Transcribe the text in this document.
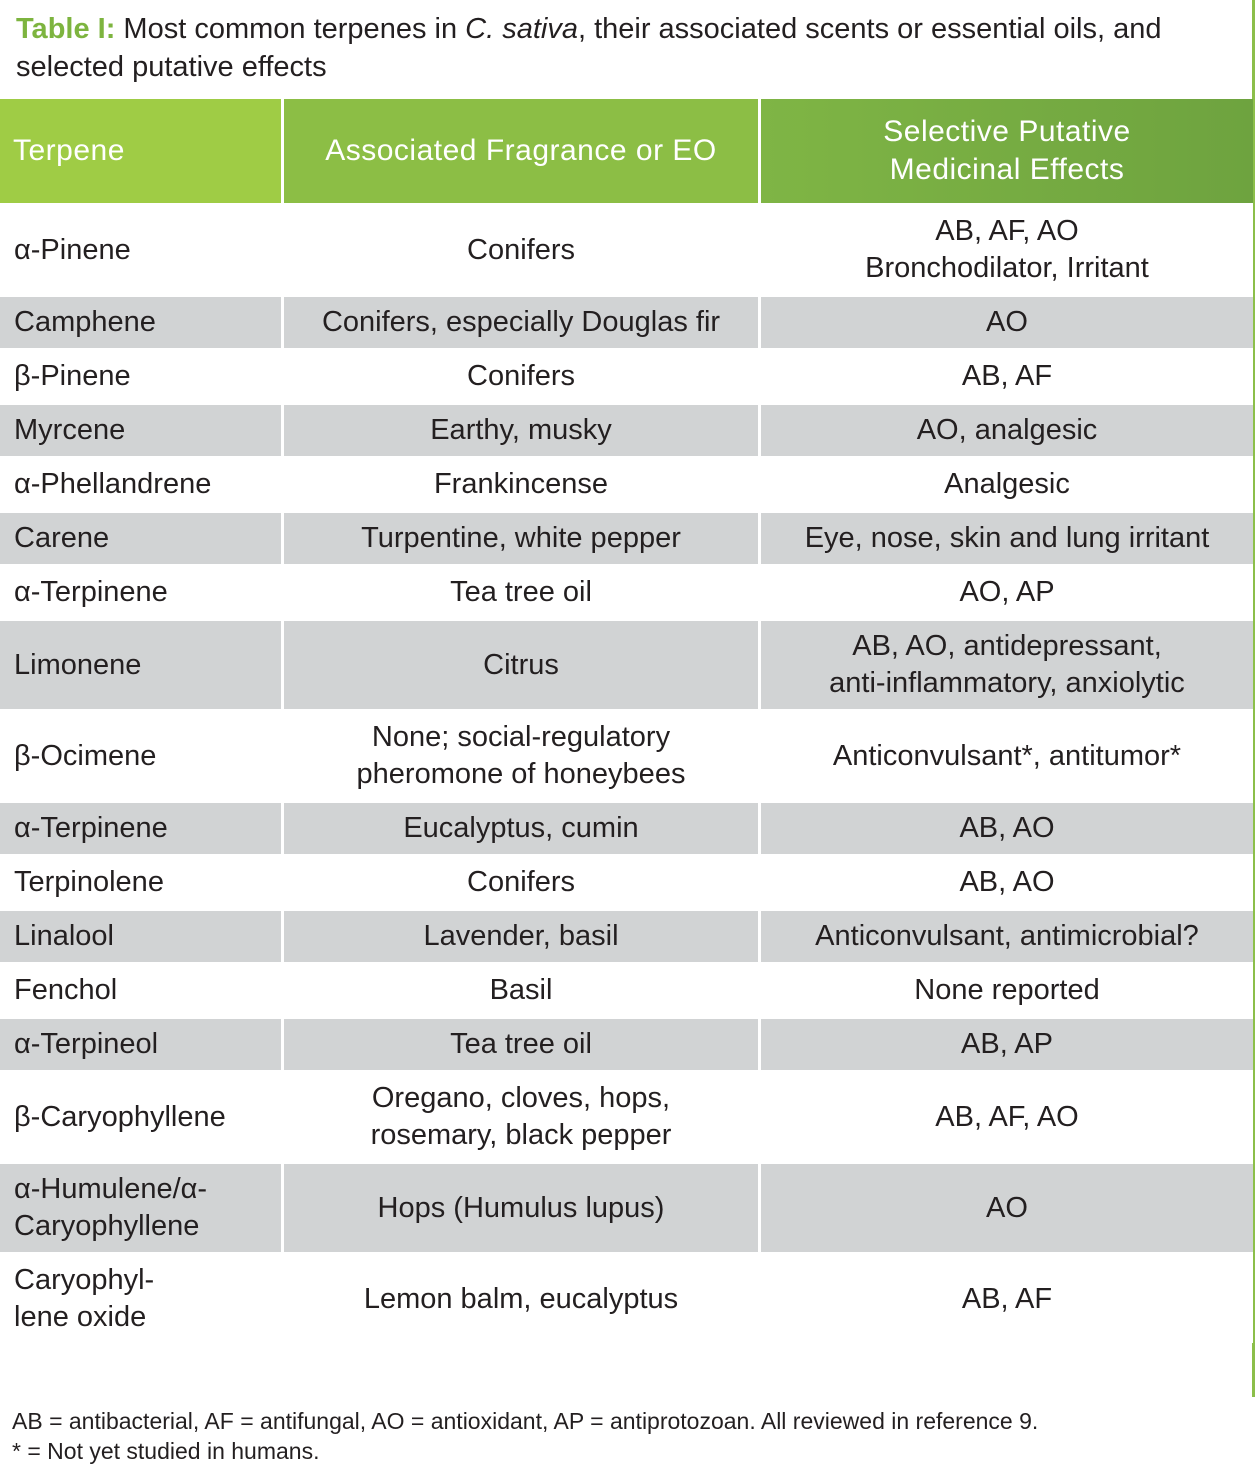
Table I: Most common terpenes in C. sativa, their associated scents or essential oils, and selected putative effects
Terpene	Associated Fragrance or EO	Selective Putative
Medicinal Effects

α-Pinene	Conifers	AB, AF, AO
Bronchodilator, Irritant

Camphene	Conifers, especially Douglas fir	AO

β-Pinene	Conifers	AB, AF

Myrcene	Earthy, musky	AO, analgesic

α-Phellandrene	Frankincense	Analgesic

Carene	Turpentine, white pepper	Eye, nose, skin and lung irritant

α-Terpinene	Tea tree oil	AO, AP

Limonene	Citrus	AB, AO, antidepressant,
anti-inflammatory, anxiolytic

β-Ocimene	None; social-regulatory
pheromone of honeybees	Anticonvulsant*, antitumor*

α-Terpinene	Eucalyptus, cumin	AB, AO

Terpinolene	Conifers	AB, AO

Linalool	Lavender, basil	Anticonvulsant, antimicrobial?

Fenchol	Basil	None reported

α-Terpineol	Tea tree oil	AB, AP

β-Caryophyllene	Oregano, cloves, hops,
rosemary, black pepper	AB, AF, AO

α-Humulene/α-
Caryophyllene	Hops (Humulus lupus)	AO

Caryophyl-
lene oxide	Lemon balm, eucalyptus	AB, AF
AB = antibacterial, AF = antifungal, AO = antioxidant, AP = antiprotozoan. All reviewed in reference 9.
* = Not yet studied in humans.
